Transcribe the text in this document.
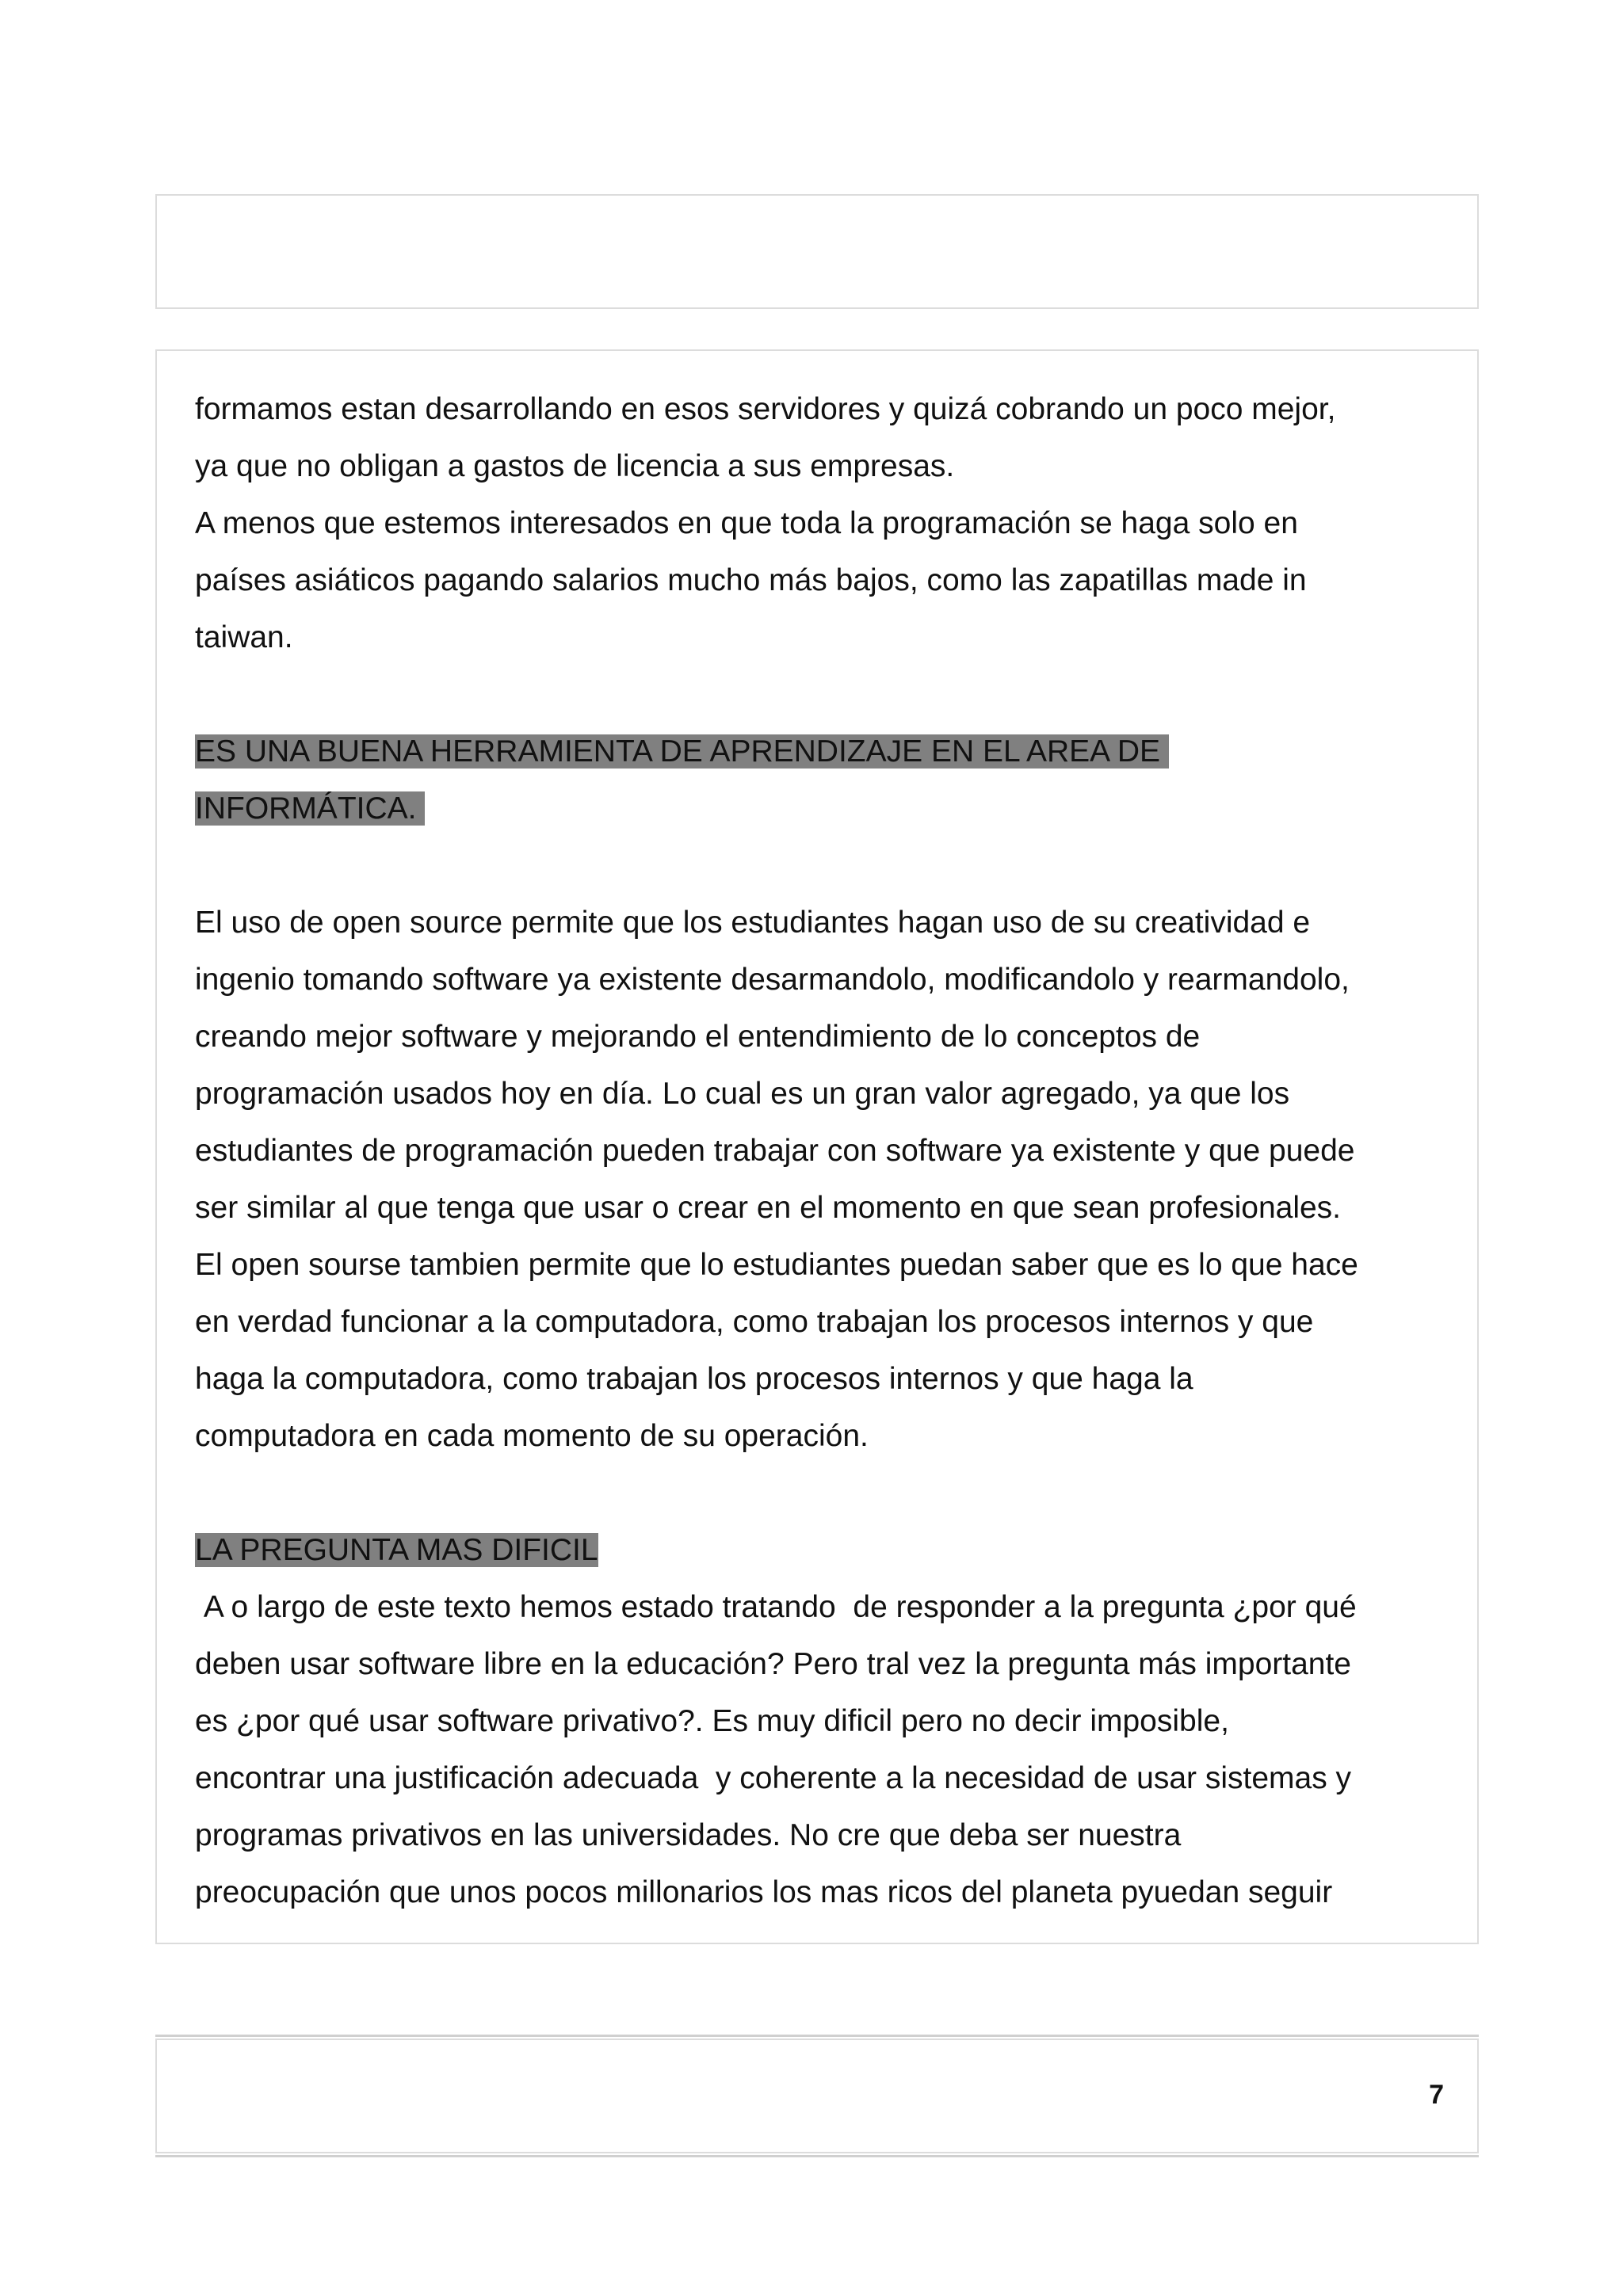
formamos estan desarrollando en esos servidores y quizá cobrando un poco mejor,

ya que no obligan a gastos de licencia a sus empresas.

A menos que estemos interesados en que toda la programación se haga solo en

países asiáticos pagando salarios mucho más bajos, como las zapatillas made in

taiwan.

ES UNA BUENA HERRAMIENTA DE APRENDIZAJE EN EL AREA DE

INFORMÁTICA.

El uso de open source permite que los estudiantes hagan uso de su creatividad e

ingenio tomando software ya existente desarmandolo, modificandolo y rearmandolo,

creando mejor software y mejorando el entendimiento de lo conceptos de

programación usados hoy en día. Lo cual es un gran valor agregado, ya que los

estudiantes de programación pueden trabajar con software ya existente y que puede

ser similar al que tenga que usar o crear en el momento en que sean profesionales.

El open sourse tambien permite que lo estudiantes puedan saber que es lo que hace

en verdad funcionar a la computadora, como trabajan los procesos internos y que

haga la computadora, como trabajan los procesos internos y que haga la

computadora en cada momento de su operación.

LA PREGUNTA MAS DIFICIL

A o largo de este texto hemos estado tratando  de responder a la pregunta ¿por qué

deben usar software libre en la educación? Pero tral vez la pregunta más importante

es ¿por qué usar software privativo?. Es muy dificil pero no decir imposible,

encontrar una justificación adecuada  y coherente a la necesidad de usar sistemas y

programas privativos en las universidades. No cre que deba ser nuestra

preocupación que unos pocos millonarios los mas ricos del planeta pyuedan seguir

7
